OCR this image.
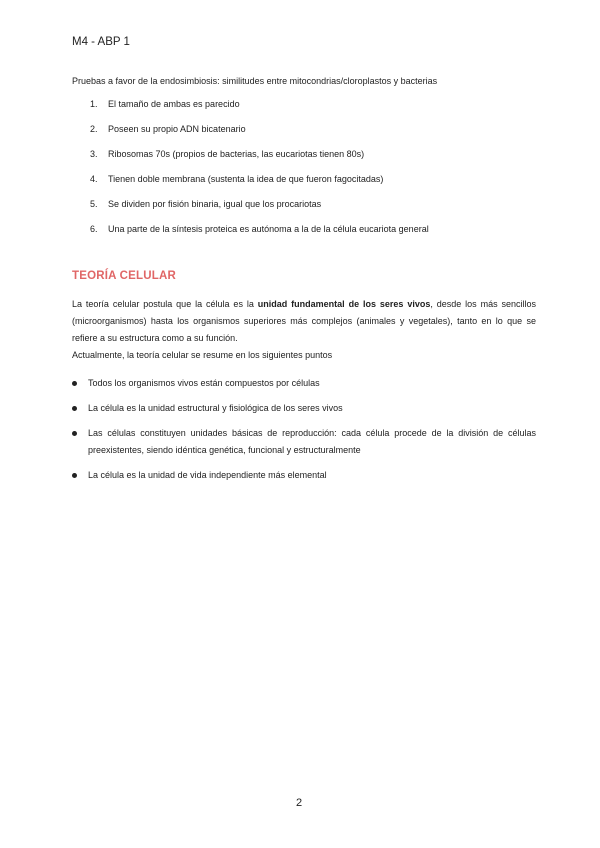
M4 - ABP 1
Pruebas a favor de la endosimbiosis: similitudes entre mitocondrias/cloroplastos y bacterias
1. El tamaño de ambas es parecido
2. Poseen su propio ADN bicatenario
3. Ribosomas 70s (propios de bacterias, las eucariotas tienen 80s)
4. Tienen doble membrana (sustenta la idea de que fueron fagocitadas)
5. Se dividen por fisión binaria, igual que los procariotas
6. Una parte de la síntesis proteica es autónoma a la de la célula eucariota general
TEORÍA CELULAR
La teoría celular postula que la célula es la unidad fundamental de los seres vivos, desde los más sencillos (microorganismos) hasta los organismos superiores más complejos (animales y vegetales), tanto en lo que se refiere a su estructura como a su función.
Actualmente, la teoría celular se resume en los siguientes puntos
Todos los organismos vivos están compuestos por células
La célula es la unidad estructural y fisiológica de los seres vivos
Las células constituyen unidades básicas de reproducción: cada célula procede de la división de células preexistentes, siendo idéntica genética, funcional y estructuralmente
La célula es la unidad de vida independiente más elemental
2
